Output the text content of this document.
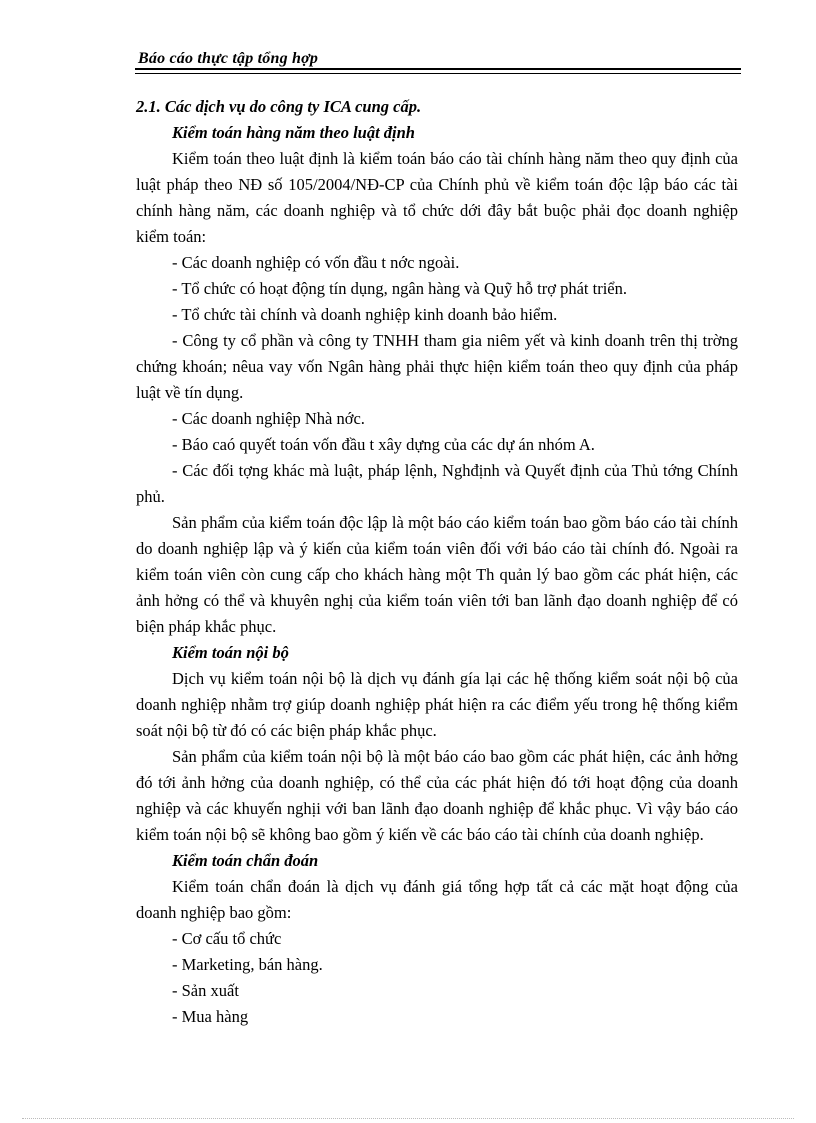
Báo cáo thực tập tổng hợp
2.1. Các dịch vụ do công ty ICA cung cấp.
Kiểm toán hàng năm theo luật định
Kiểm toán theo luật định là kiểm toán báo cáo tài chính hàng năm theo quy định của luật pháp theo NĐ số 105/2004/NĐ-CP của Chính phủ về kiểm toán độc lập báo các tài chính hàng năm, các doanh nghiệp và tổ chức dới đây bắt buộc phải đọc doanh nghiệp kiểm toán:
- Các doanh nghiệp có vốn đầu t nớc ngoài.
- Tổ chức có hoạt động tín dụng, ngân hàng và Quỹ hỗ trợ phát triển.
- Tổ chức tài chính và doanh nghiệp kinh doanh bảo hiểm.
- Công ty cổ phần và công ty TNHH tham gia niêm yết và kinh doanh trên thị trờng chứng khoán; nêua vay vốn Ngân hàng phải thực hiện kiểm toán theo quy định của pháp luật về tín dụng.
- Các doanh nghiệp Nhà nớc.
- Báo caó quyết toán vốn đầu t xây dựng của các dự án nhóm A.
- Các đối tợng khác mà luật, pháp lệnh, Nghđịnh và Quyết định của Thủ tớng Chính phủ.
Sản phẩm của kiểm toán độc lập là một báo cáo kiểm toán bao gồm báo cáo tài chính do doanh nghiệp lập và ý kiến của kiểm toán viên đối với báo cáo tài chính đó. Ngoài ra kiểm toán viên còn cung cấp cho khách hàng một Th quản lý bao gồm các phát hiện, các ảnh hởng có thể và khuyên nghị của kiểm toán viên tới ban lãnh đạo doanh nghiệp để có biện pháp khắc phục.
Kiểm toán nội bộ
Dịch vụ kiểm toán nội bộ là dịch vụ đánh gía lại các hệ thống kiểm soát nội bộ của doanh nghiệp nhằm trợ giúp doanh nghiệp phát hiện ra các điểm yếu trong hệ thống kiểm soát nội bộ từ đó có các biện pháp khắc phục.
Sản phẩm của kiểm toán nội bộ là một báo cáo bao gồm các phát hiện, các ảnh hởng đó tới ảnh hởng của doanh nghiệp, có thể của các phát hiện đó tới hoạt động của doanh nghiệp và các khuyến nghịi với ban lãnh đạo doanh nghiệp để khắc phục. Vì vậy báo cáo kiểm toán nội bộ sẽ không bao gồm ý kiến về các báo cáo tài chính của doanh nghiệp.
Kiểm toán chẩn đoán
Kiểm toán chẩn đoán là dịch vụ đánh giá tổng hợp tất cả các mặt hoạt động của doanh nghiệp bao gồm:
- Cơ cấu tổ chức
- Marketing, bán hàng.
- Sản xuất
- Mua hàng
